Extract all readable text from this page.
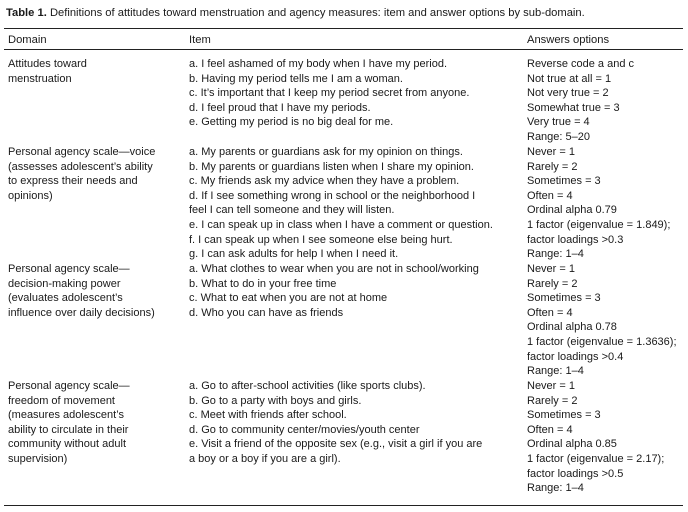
Table 1. Definitions of attitudes toward menstruation and agency measures: item and answer options by sub-domain.
Domain	Item	Answers options
Attitudes toward
menstruation
a. I feel ashamed of my body when I have my period.
b. Having my period tells me I am a woman.
c. It’s important that I keep my period secret from anyone.
d. I feel proud that I have my periods.
e. Getting my period is no big deal for me.
Reverse code a and c
Not true at all = 1
Not very true = 2
Somewhat true = 3
Very true = 4
Range: 5–20
Personal agency scale—voice
(assesses adolescent’s ability
to express their needs and
opinions)
a. My parents or guardians ask for my opinion on things.
b. My parents or guardians listen when I share my opinion.
c. My friends ask my advice when they have a problem.
d. If I see something wrong in school or the neighborhood I
feel I can tell someone and they will listen.
e. I can speak up in class when I have a comment or question.
f. I can speak up when I see someone else being hurt.
g. I can ask adults for help I when I need it.
Never = 1
Rarely = 2
Sometimes = 3
Often = 4
Ordinal alpha 0.79
1 factor (eigenvalue = 1.849);
factor loadings >0.3
Range: 1–4
Personal agency scale—
decision-making power
(evaluates adolescent’s
influence over daily decisions)
a. What clothes to wear when you are not in school/working
b. What to do in your free time
c. What to eat when you are not at home
d. Who you can have as friends
Never = 1
Rarely = 2
Sometimes = 3
Often = 4
Ordinal alpha 0.78
1 factor (eigenvalue = 1.3636);
factor loadings >0.4
Range: 1–4
Personal agency scale—
freedom of movement
(measures adolescent’s
ability to circulate in their
community without adult
supervision)
a. Go to after-school activities (like sports clubs).
b. Go to a party with boys and girls.
c. Meet with friends after school.
d. Go to community center/movies/youth center
e. Visit a friend of the opposite sex (e.g., visit a girl if you are
a boy or a boy if you are a girl).
Never = 1
Rarely = 2
Sometimes = 3
Often = 4
Ordinal alpha 0.85
1 factor (eigenvalue = 2.17);
factor loadings >0.5
Range: 1–4
